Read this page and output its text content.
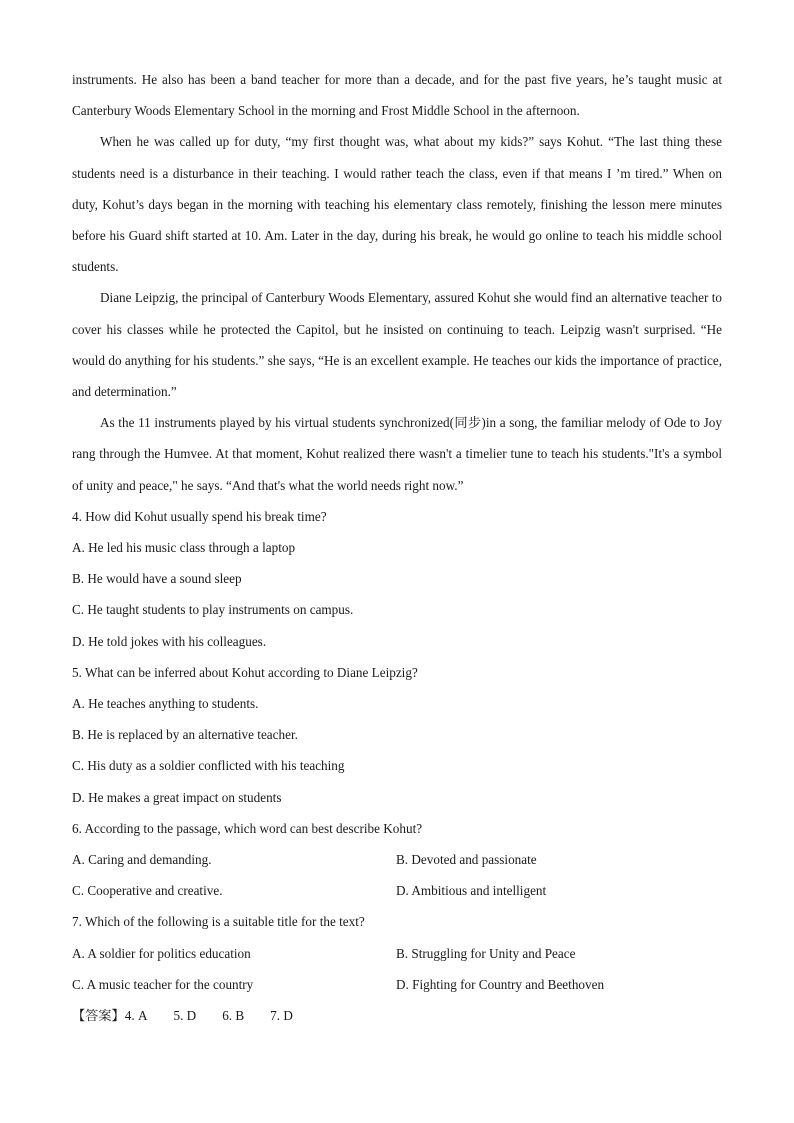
instruments. He also has been a band teacher for more than a decade, and for the past five years, he’s taught music at Canterbury Woods Elementary School in the morning and Frost Middle School in the afternoon.

When he was called up for duty, “my first thought was, what about my kids?” says Kohut. “The last thing these students need is a disturbance in their teaching. I would rather teach the class, even if that means I ’m tired.” When on duty, Kohut’s days began in the morning with teaching his elementary class remotely, finishing the lesson mere minutes before his Guard shift started at 10. Am. Later in the day, during his break, he would go online to teach his middle school students.

Diane Leipzig, the principal of Canterbury Woods Elementary, assured Kohut she would find an alternative teacher to cover his classes while he protected the Capitol, but he insisted on continuing to teach. Leipzig wasn't surprised. “He would do anything for his students.” she says, “He is an excellent example. He teaches our kids the importance of practice, and determination.”

As the 11 instruments played by his virtual students synchronized(同步)in a song, the familiar melody of Ode to Joy rang through the Humvee. At that moment, Kohut realized there wasn't a timelier tune to teach his students."It's a symbol of unity and peace," he says. “And that's what the world needs right now.”

4. How did Kohut usually spend his break time?

A. He led his music class through a laptop

B. He would have a sound sleep

C. He taught students to play instruments on campus.

D. He told jokes with his colleagues.

5. What can be inferred about Kohut according to Diane Leipzig?

A. He teaches anything to students.

B. He is replaced by an alternative teacher.

C. His duty as a soldier conflicted with his teaching

D. He makes a great impact on students

6. According to the passage, which word can best describe Kohut?

A. Caring and demanding.	B. Devoted and passionate
C. Cooperative and creative.	D. Ambitious and intelligent

7. Which of the following is a suitable title for the text?

A. A soldier for politics education	B. Struggling for Unity and Peace
C. A music teacher for the country	D. Fighting for Country and Beethoven

【答案】4. A 5. D 6. B 7. D
